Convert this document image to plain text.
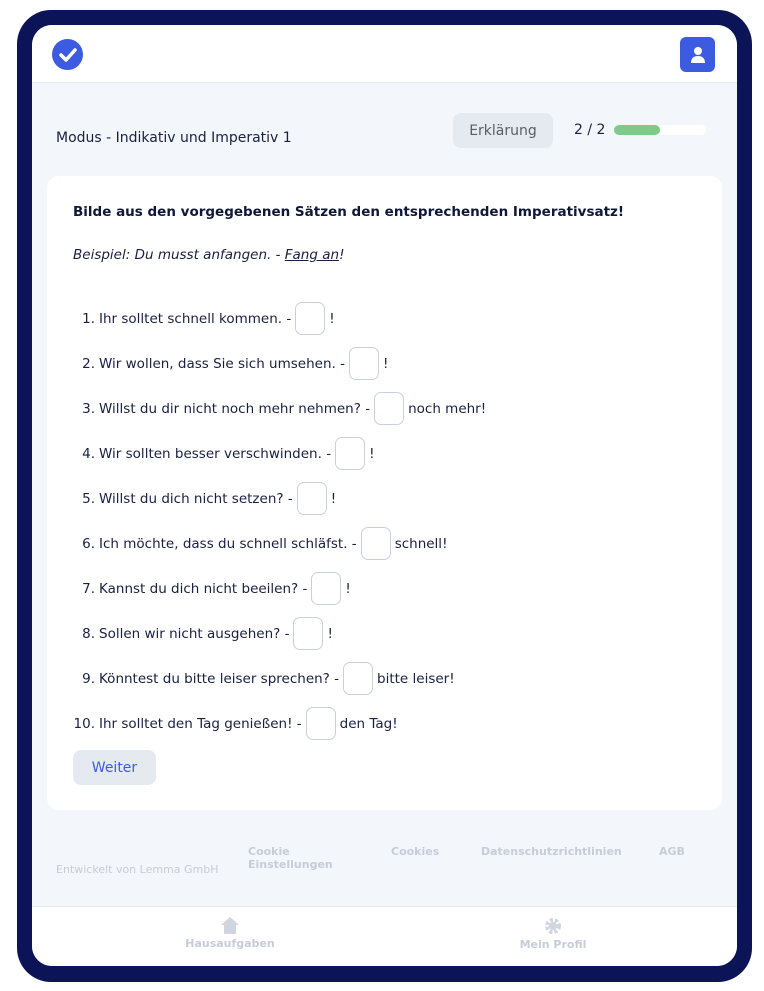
Modus - Indikativ und Imperativ 1	Erklärung	2 / 2
Bilde aus den vorgegebenen Sätzen den entsprechenden Imperativsatz!
Beispiel: Du musst anfangen. - Fang an!
1. Ihr solltet schnell kommen. -	!
2. Wir wollen, dass Sie sich umsehen. -	!
3. Willst du dir nicht noch mehr nehmen? -	noch mehr!
4. Wir sollten besser verschwinden. -	!
5. Willst du dich nicht setzen? -	!
6. Ich möchte, dass du schnell schläfst. -	schnell!
7. Kannst du dich nicht beeilen? -	!
8. Sollen wir nicht ausgehen? -	!
9. Könntest du bitte leiser sprechen? -	bitte leiser!
10. Ihr solltet den Tag genießen! -	den Tag!
Weiter
Entwickelt von Lemma GmbH
Cookie
Einstellungen
Cookies	Datenschutzrichtlinien	AGB
Hausaufgaben	Mein Profil
